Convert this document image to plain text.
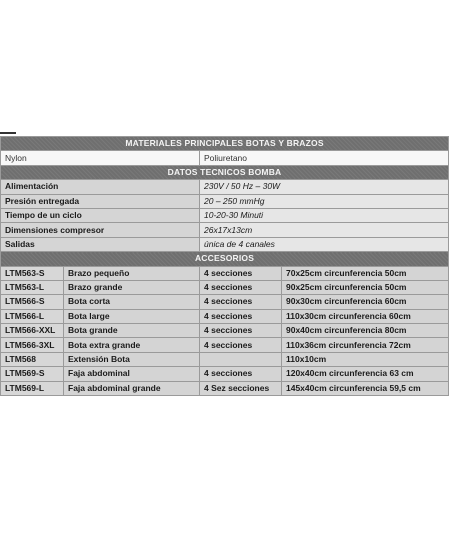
MATERIALES PRINCIPALES BOTAS Y BRAZOS			
Nylon		Poliuretano	
DATOS TECNICOS BOMBA			
Alimentación		230V / 50 Hz – 30W	
Presión entregada		20 – 250 mmHg	
Tiempo de un ciclo		10-20-30 Minuti	
Dimensiones compresor		26x17x13cm	
Salidas		única de 4 canales	
ACCESORIOS			
LTM563-S	Brazo pequeño	4 secciones	70x25cm circunferencia 50cm
LTM563-L	Brazo grande	4 secciones	90x25cm circunferencia 50cm
LTM566-S	Bota corta	4 secciones	90x30cm circunferencia 60cm
LTM566-L	Bota large	4 secciones	110x30cm circunferencia 60cm
LTM566-XXL	Bota grande	4 secciones	90x40cm circunferencia 80cm
LTM566-3XL	Bota extra grande	4 secciones	110x36cm circunferencia 72cm
LTM568	Extensión Bota		110x10cm
LTM569-S	Faja abdominal	4 secciones	120x40cm circunferencia 63 cm
LTM569-L	Faja abdominal grande	4 Sez secciones	145x40cm circunferencia 59,5 cm
